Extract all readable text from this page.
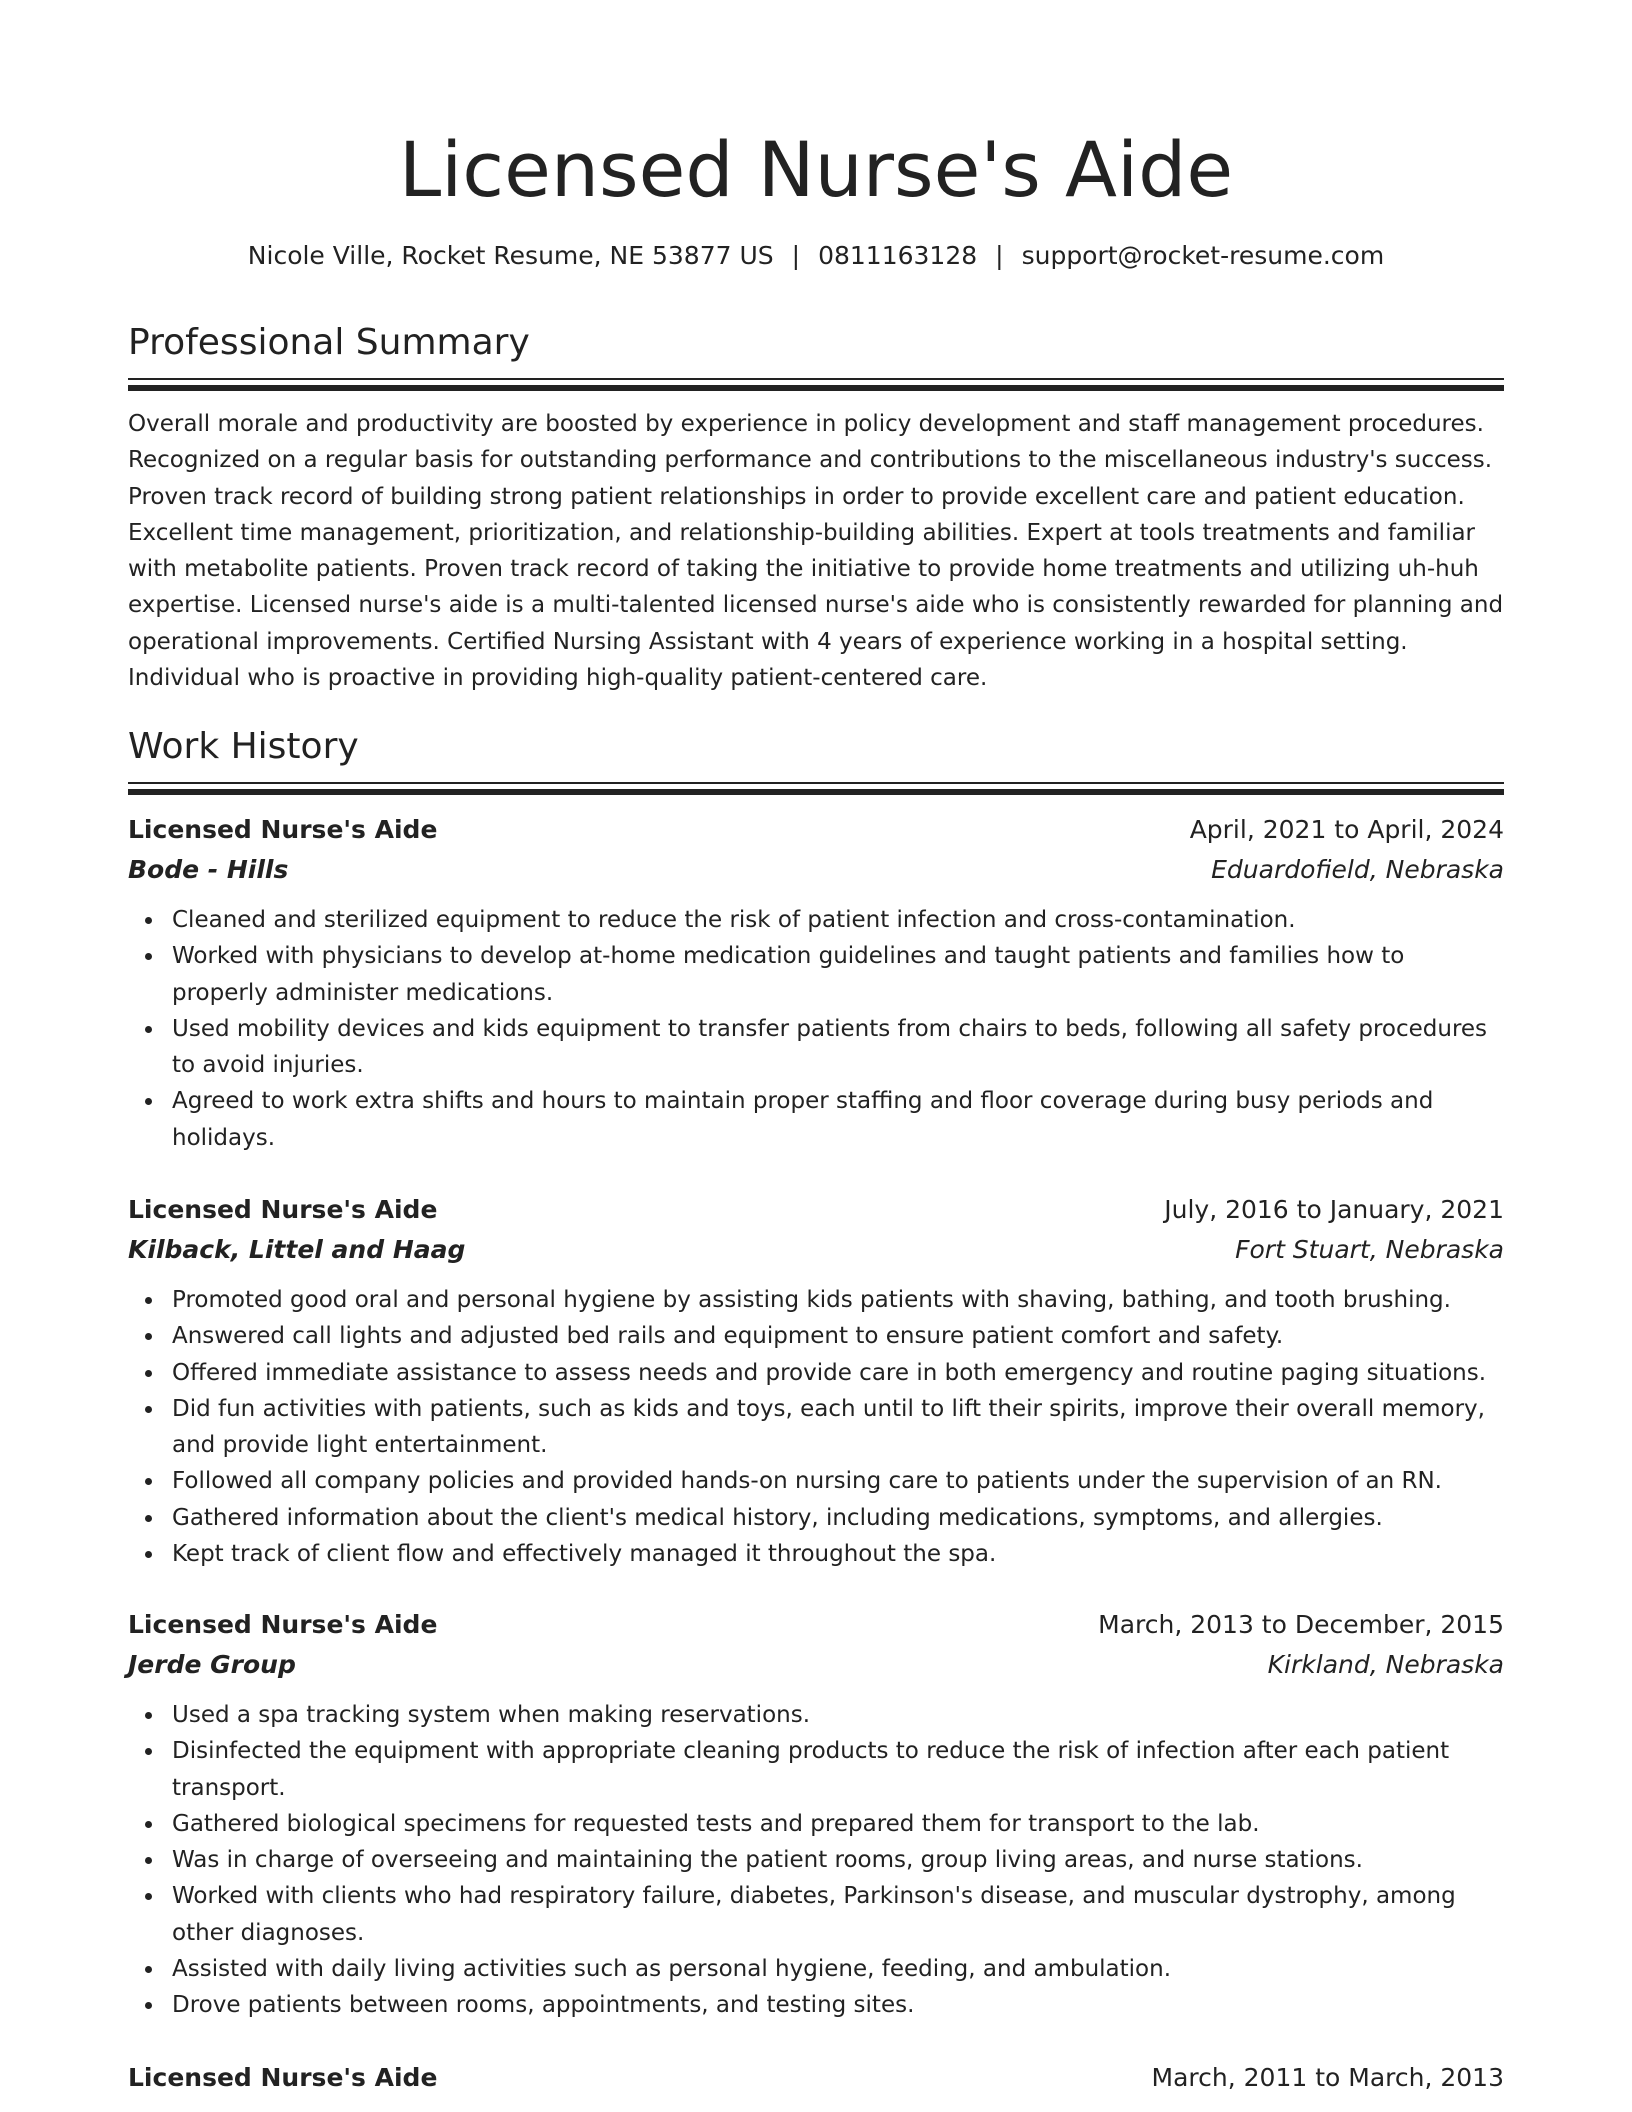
Licensed Nurse's Aide
Nicole Ville, Rocket Resume, NE 53877 US | 0811163128 | support@rocket-resume.com
Professional Summary

Overall morale and productivity are boosted by experience in policy development and staff management procedures. Recognized on a regular basis for outstanding performance and contributions to the miscellaneous industry's success. Proven track record of building strong patient relationships in order to provide excellent care and patient education. Excellent time management, prioritization, and relationship-building abilities. Expert at tools treatments and familiar with metabolite patients. Proven track record of taking the initiative to provide home treatments and utilizing uh-huh expertise. Licensed nurse's aide is a multi-talented licensed nurse's aide who is consistently rewarded for planning and operational improvements. Certified Nursing Assistant with 4 years of experience working in a hospital setting. Individual who is proactive in providing high-quality patient-centered care.

Work History
Licensed Nurse's Aide	April, 2021 to April, 2024
Bode - Hills	Eduardofield, Nebraska
Cleaned and sterilized equipment to reduce the risk of patient infection and cross-contamination.
Worked with physicians to develop at-home medication guidelines and taught patients and families how to properly administer medications.
Used mobility devices and kids equipment to transfer patients from chairs to beds, following all safety procedures to avoid injuries.
Agreed to work extra shifts and hours to maintain proper staffing and floor coverage during busy periods and holidays.
Licensed Nurse's Aide	July, 2016 to January, 2021
Kilback, Littel and Haag	Fort Stuart, Nebraska
Promoted good oral and personal hygiene by assisting kids patients with shaving, bathing, and tooth brushing.
Answered call lights and adjusted bed rails and equipment to ensure patient comfort and safety.
Offered immediate assistance to assess needs and provide care in both emergency and routine paging situations.
Did fun activities with patients, such as kids and toys, each until to lift their spirits, improve their overall memory, and provide light entertainment.
Followed all company policies and provided hands-on nursing care to patients under the supervision of an RN.
Gathered information about the client's medical history, including medications, symptoms, and allergies.
Kept track of client flow and effectively managed it throughout the spa.
Licensed Nurse's Aide	March, 2013 to December, 2015
Jerde Group	Kirkland, Nebraska
Used a spa tracking system when making reservations.
Disinfected the equipment with appropriate cleaning products to reduce the risk of infection after each patient transport.
Gathered biological specimens for requested tests and prepared them for transport to the lab.
Was in charge of overseeing and maintaining the patient rooms, group living areas, and nurse stations.
Worked with clients who had respiratory failure, diabetes, Parkinson's disease, and muscular dystrophy, among other diagnoses.
Assisted with daily living activities such as personal hygiene, feeding, and ambulation.
Drove patients between rooms, appointments, and testing sites.
Licensed Nurse's Aide	March, 2011 to March, 2013
